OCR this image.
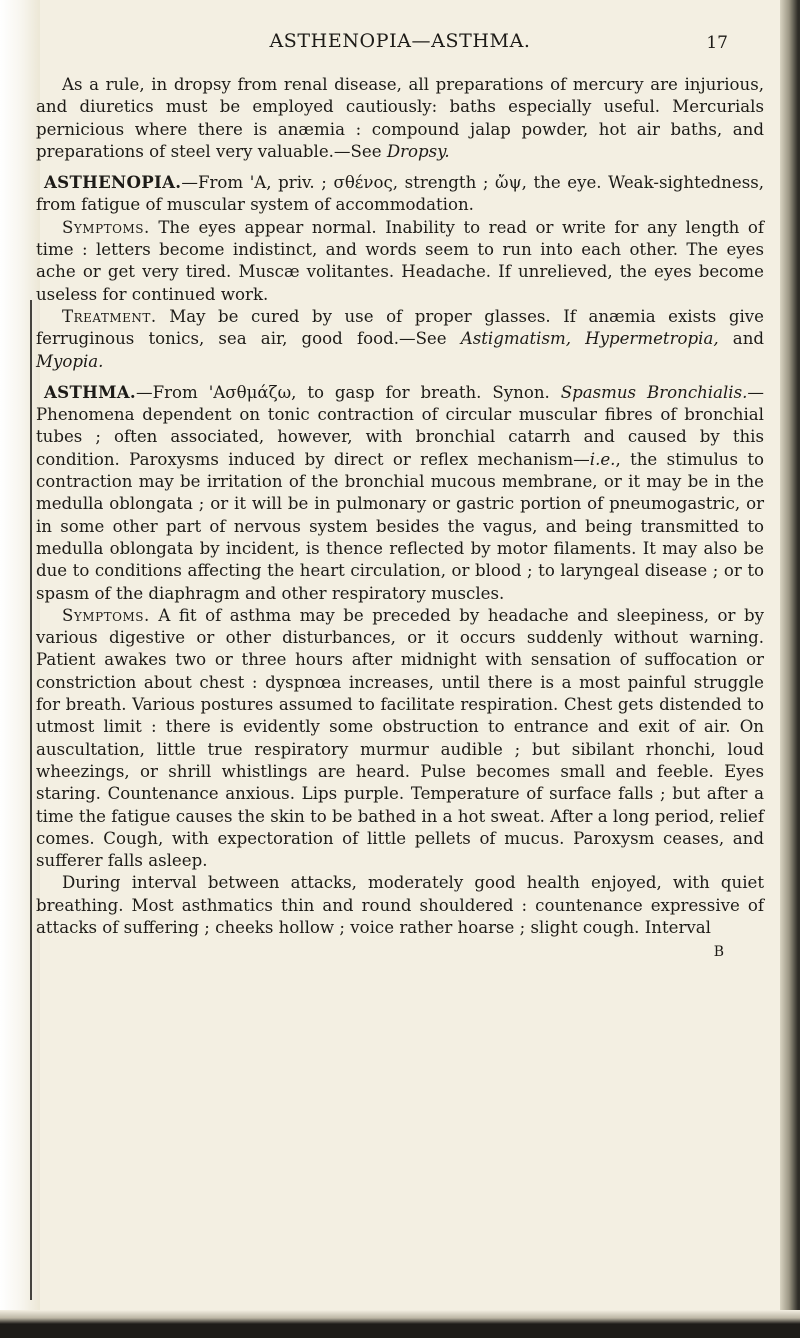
ASTHENOPIA—ASTHMA.	17

As a rule, in dropsy from renal disease, all preparations of mercury are injurious, and diuretics must be employed cautiously: baths especially useful. Mercurials pernicious where there is anæmia : compound jalap powder, hot air baths, and preparations of steel very valuable.—See Dropsy.

ASTHENOPIA.—From 'A, priv. ; σθένος, strength ; ὤψ, the eye. Weak-sightedness, from fatigue of muscular system of accommodation.

Symptoms. The eyes appear normal. Inability to read or write for any length of time : letters become indistinct, and words seem to run into each other. The eyes ache or get very tired. Muscæ volitantes. Headache. If unrelieved, the eyes become useless for continued work.

Treatment. May be cured by use of proper glasses. If anæmia exists give ferruginous tonics, sea air, good food.—See Astigmatism, Hypermetropia, and Myopia.

ASTHMA.—From 'Ασθμάζω, to gasp for breath. Synon. Spasmus Bronchialis.—Phenomena dependent on tonic contraction of circular muscular fibres of bronchial tubes ; often associated, however, with bronchial catarrh and caused by this condition. Paroxysms induced by direct or reflex mechanism—i.e., the stimulus to contraction may be irritation of the bronchial mucous membrane, or it may be in the medulla oblongata ; or it will be in pulmonary or gastric portion of pneumogastric, or in some other part of nervous system besides the vagus, and being transmitted to medulla oblongata by incident, is thence reflected by motor filaments. It may also be due to conditions affecting the heart circulation, or blood ; to laryngeal disease ; or to spasm of the diaphragm and other respiratory muscles.

Symptoms. A fit of asthma may be preceded by headache and sleepiness, or by various digestive or other disturbances, or it occurs suddenly without warning. Patient awakes two or three hours after midnight with sensation of suffocation or constriction about chest : dyspnœa increases, until there is a most painful struggle for breath. Various postures assumed to facilitate respiration. Chest gets distended to utmost limit : there is evidently some obstruction to entrance and exit of air. On auscultation, little true respiratory murmur audible ; but sibilant rhonchi, loud wheezings, or shrill whistlings are heard. Pulse becomes small and feeble. Eyes staring. Countenance anxious. Lips purple. Temperature of surface falls ; but after a time the fatigue causes the skin to be bathed in a hot sweat. After a long period, relief comes. Cough, with expectoration of little pellets of mucus. Paroxysm ceases, and sufferer falls asleep.

During interval between attacks, moderately good health enjoyed, with quiet breathing. Most asthmatics thin and round shouldered : countenance expressive of attacks of suffering ; cheeks hollow ; voice rather hoarse ; slight cough. Interval

B
